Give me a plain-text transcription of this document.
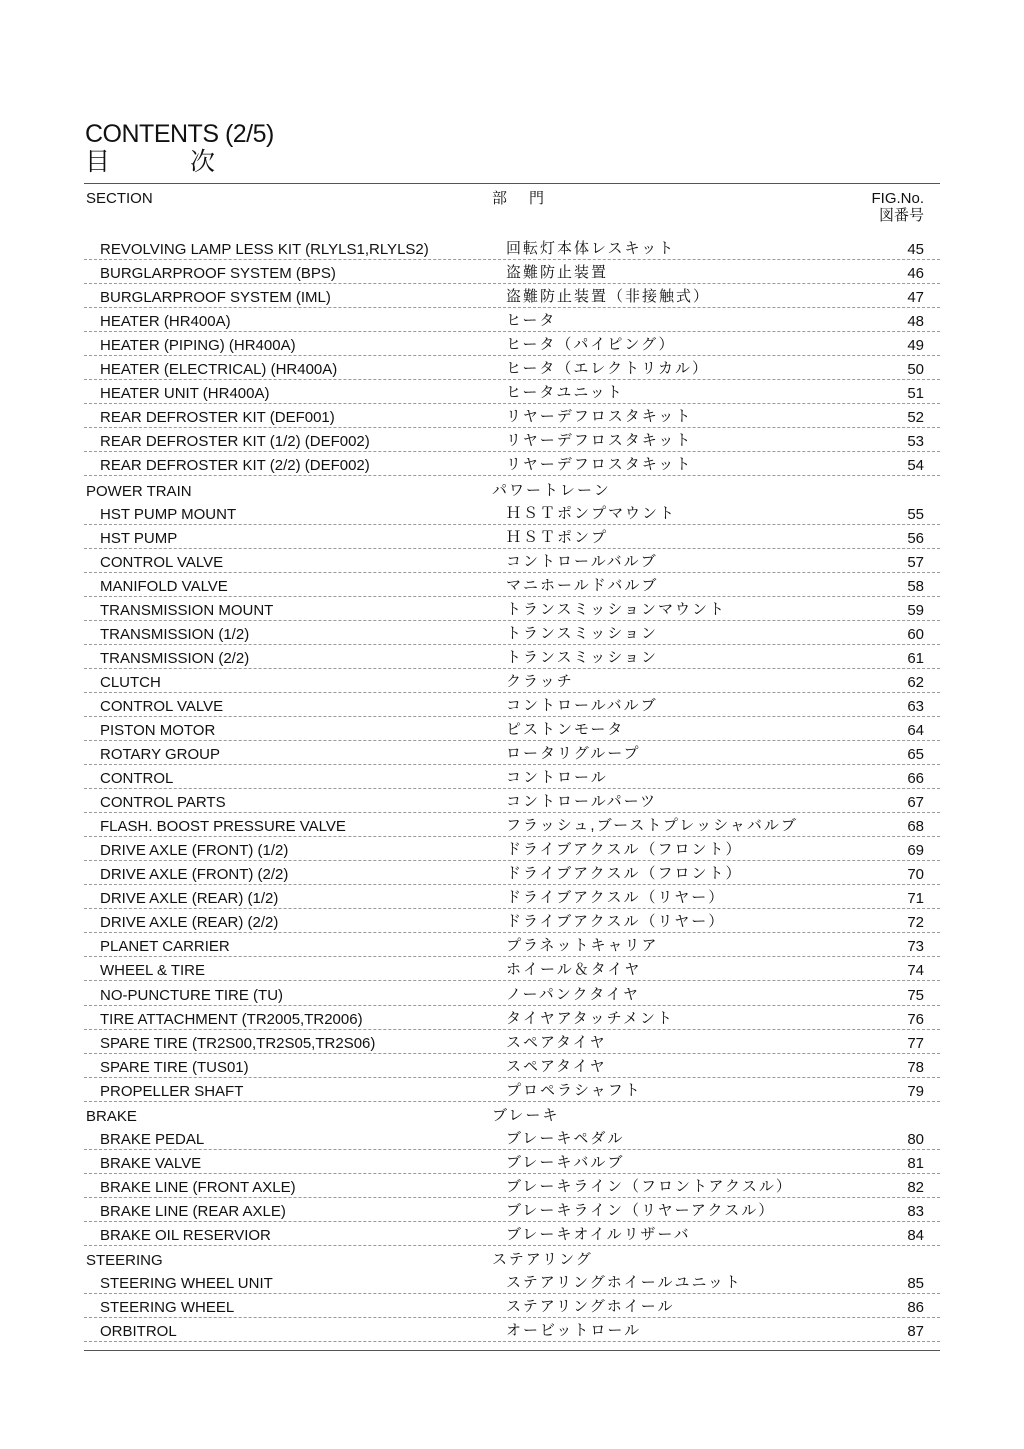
CONTENTS (2/5)
目次
SECTION	部門	FIG.No.
図番号
REVOLVING LAMP LESS KIT (RLYLS1,RLYLS2)	回転灯本体レスキット	45
BURGLARPROOF SYSTEM (BPS)	盗難防止装置	46
BURGLARPROOF SYSTEM (IML)	盗難防止装置（非接触式）	47
HEATER (HR400A)	ヒータ	48
HEATER (PIPING) (HR400A)	ヒータ（パイピング）	49
HEATER (ELECTRICAL) (HR400A)	ヒータ（エレクトリカル）	50
HEATER UNIT (HR400A)	ヒータユニット	51
REAR DEFROSTER KIT (DEF001)	リヤーデフロスタキット	52
REAR DEFROSTER KIT (1/2) (DEF002)	リヤーデフロスタキット	53
REAR DEFROSTER KIT (2/2) (DEF002)	リヤーデフロスタキット	54
POWER TRAIN	パワートレーン
HST PUMP MOUNT	ＨＳＴポンプマウント	55
HST PUMP	ＨＳＴポンプ	56
CONTROL VALVE	コントロールバルブ	57
MANIFOLD VALVE	マニホールドバルブ	58
TRANSMISSION MOUNT	トランスミッションマウント	59
TRANSMISSION (1/2)	トランスミッション	60
TRANSMISSION (2/2)	トランスミッション	61
CLUTCH	クラッチ	62
CONTROL VALVE	コントロールバルブ	63
PISTON MOTOR	ピストンモータ	64
ROTARY GROUP	ロータリグループ	65
CONTROL	コントロール	66
CONTROL PARTS	コントロールパーツ	67
FLASH. BOOST PRESSURE VALVE	フラッシュ,ブーストプレッシャバルブ	68
DRIVE AXLE (FRONT) (1/2)	ドライブアクスル（フロント）	69
DRIVE AXLE (FRONT) (2/2)	ドライブアクスル（フロント）	70
DRIVE AXLE (REAR) (1/2)	ドライブアクスル（リヤー）	71
DRIVE AXLE (REAR) (2/2)	ドライブアクスル（リヤー）	72
PLANET CARRIER	プラネットキャリア	73
WHEEL & TIRE	ホイール＆タイヤ	74
NO-PUNCTURE TIRE (TU)	ノーパンクタイヤ	75
TIRE ATTACHMENT (TR2005,TR2006)	タイヤアタッチメント	76
SPARE TIRE (TR2S00,TR2S05,TR2S06)	スペアタイヤ	77
SPARE TIRE (TUS01)	スペアタイヤ	78
PROPELLER SHAFT	プロペラシャフト	79
BRAKE	ブレーキ
BRAKE PEDAL	ブレーキペダル	80
BRAKE VALVE	ブレーキバルブ	81
BRAKE LINE (FRONT AXLE)	ブレーキライン（フロントアクスル）	82
BRAKE LINE (REAR AXLE)	ブレーキライン（リヤーアクスル）	83
BRAKE OIL RESERVIOR	ブレーキオイルリザーバ	84
STEERING	ステアリング
STEERING WHEEL UNIT	ステアリングホイールユニット	85
STEERING WHEEL	ステアリングホイール	86
ORBITROL	オービットロール	87
